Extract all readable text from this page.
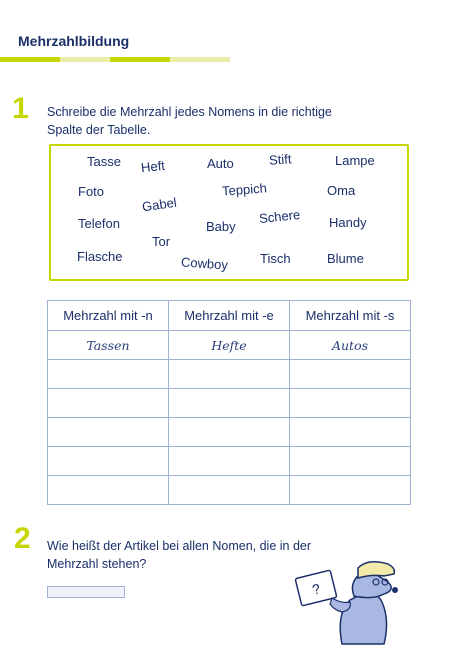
Mehrzahlbildung
1 Schreibe die Mehrzahl jedes Nomens in die richtige Spalte der Tabelle.
Tasse Heft	Auto	Stift	Lampe
Foto	Teppich	Oma
Gabel
Telefon	Baby
Schere Handy
Tor
Flasche	Cowboy Tisch	Blume
Mehrzahl mit -n	Mehrzahl mit -e	Mehrzahl mit -s
Tassen	Hefte	Autos

2 Wie heißt der Artikel bei allen Nomen, die in der Mehrzahl stehen?
?
